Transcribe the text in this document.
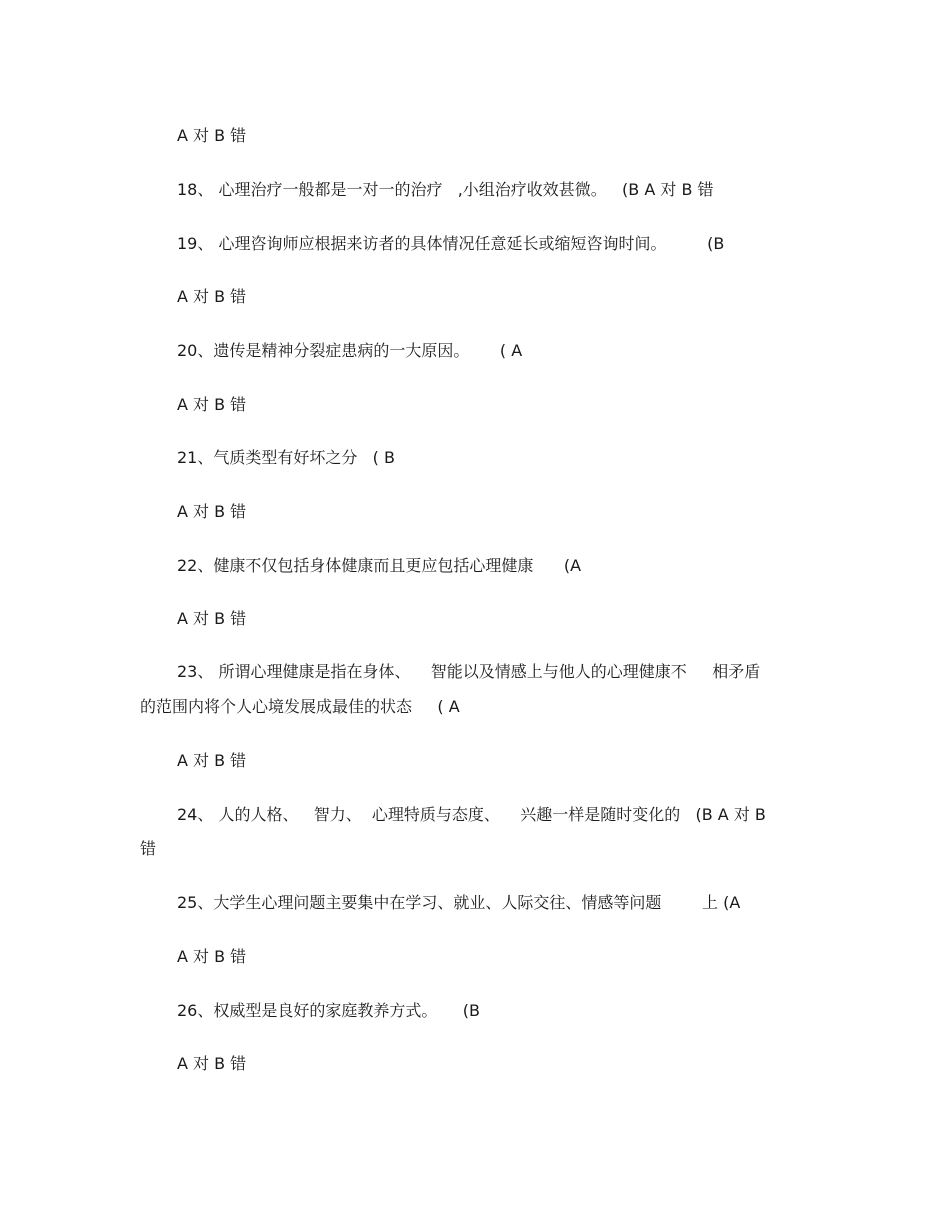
A 对 B 错
18、 心理治疗一般都是一对一的治疗   ,小组治疗收效甚微。   (B A 对 B 错
19、 心理咨询师应根据来访者的具体情况任意延长或缩短咨询时间。        (B
A 对 B 错
20、遗传是精神分裂症患病的一大原因。      ( A
A 对 B 错
21、气质类型有好坏之分   ( B
A 对 B 错
22、健康不仅包括身体健康而且更应包括心理健康      (A
A 对 B 错
23、 所谓心理健康是指在身体、    智能以及情感上与他人的心理健康不     相矛盾
的范围内将个人心境发展成最佳的状态     ( A
A 对 B 错
24、 人的人格、   智力、  心理特质与态度、    兴趣一样是随时变化的   (B A 对 B
错
25、大学生心理问题主要集中在学习、就业、人际交往、情感等问题        上 (A
A 对 B 错
26、权威型是良好的家庭教养方式。     (B
A 对 B 错
